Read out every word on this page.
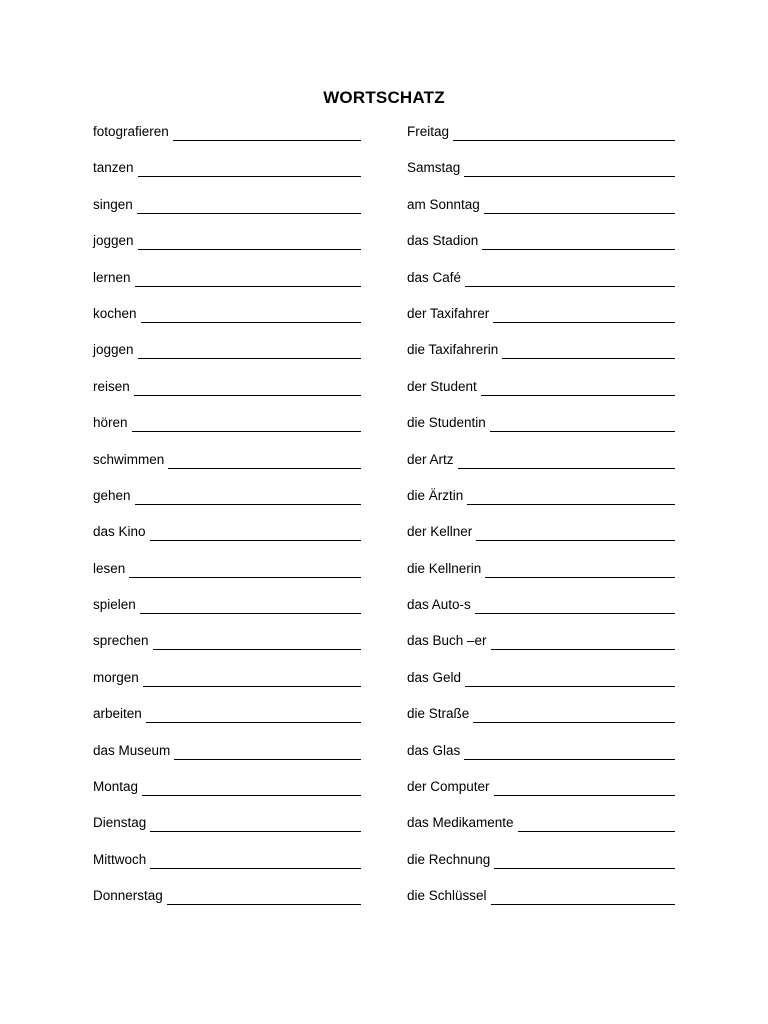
WORTSCHATZ
fotografieren
tanzen
singen
joggen
lernen
kochen
joggen
reisen
hören
schwimmen
gehen
das Kino
lesen
spielen
sprechen
morgen
arbeiten
das Museum
Montag
Dienstag
Mittwoch
Donnerstag
Freitag
Samstag
am Sonntag
das Stadion
das Café
der Taxifahrer
die Taxifahrerin
der Student
die Studentin
der Artz
die Ärztin
der Kellner
die Kellnerin
das Auto-s
das Buch –er
das Geld
die Straße
das Glas
der Computer
das Medikamente
die Rechnung
die Schlüssel
